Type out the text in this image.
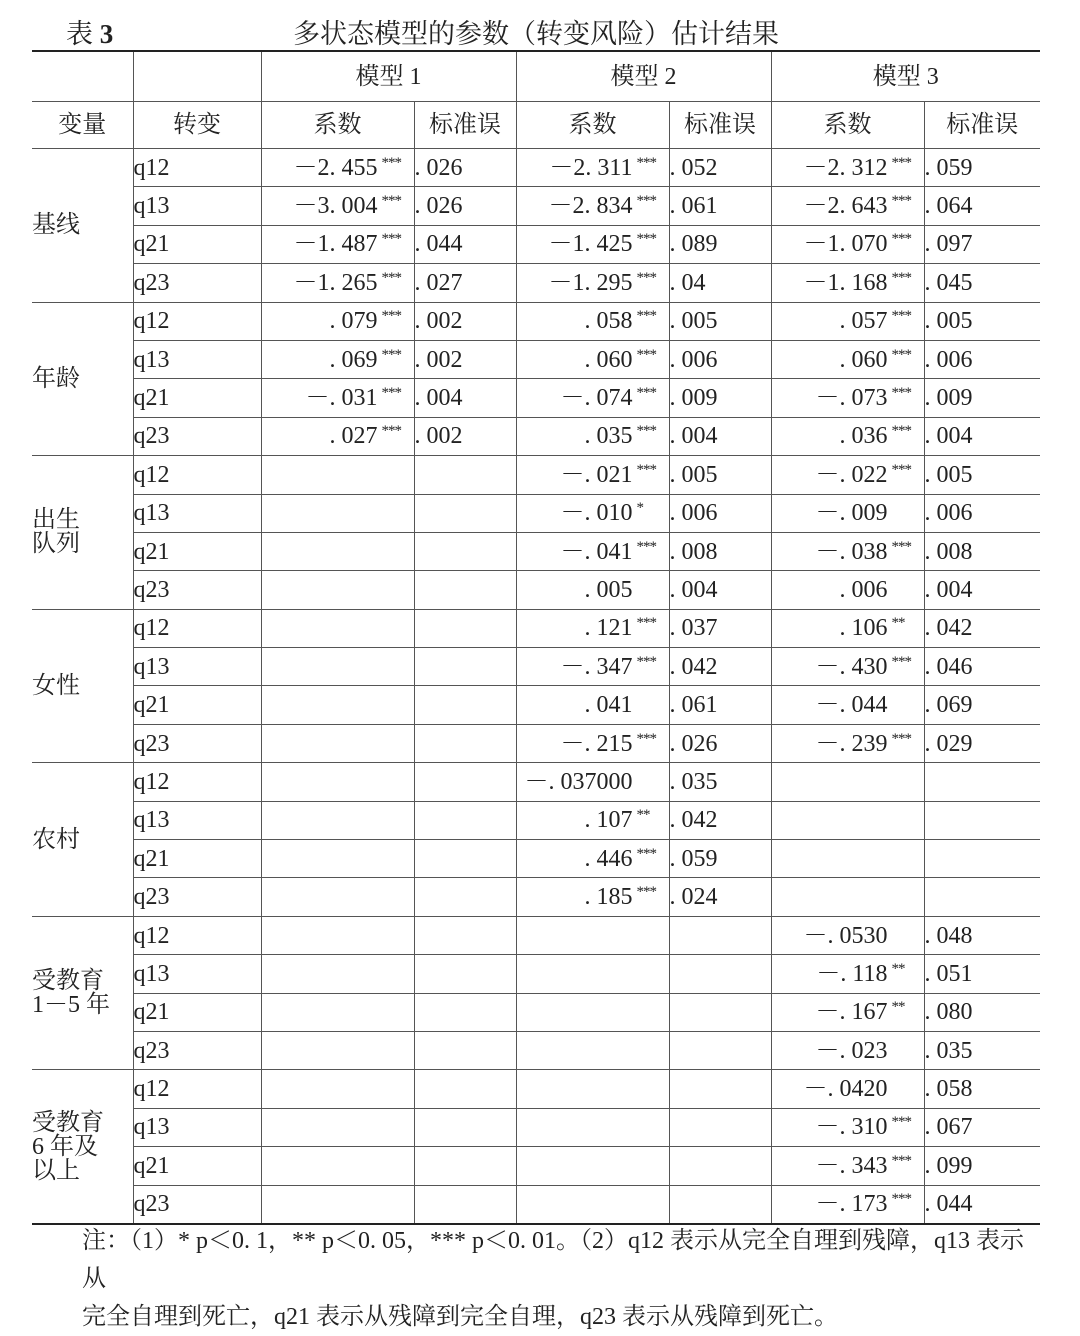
表 3	多状态模型的参数（转变风险）估计结果
		模型 1		模型 2		模型 3	
变量	转变	系数	标准误	系数	标准误	系数	标准误

基线	q12	－2. 455 ***	. 026	－2. 311 ***	. 052	－2. 312 ***	. 059
	q13	－3. 004 ***	. 026	－2. 834 ***	. 061	－2. 643 ***	. 064
	q21	－1. 487 ***	. 044	－1. 425 ***	. 089	－1. 070 ***	. 097
	q23	－1. 265 ***	. 027	－1. 295 ***	. 04	－1. 168 ***	. 045

年龄	q12	. 079 ***	. 002	. 058 ***	. 005	. 057 ***	. 005
	q13	. 069 ***	. 002	. 060 ***	. 006	. 060 ***	. 006
	q21	－. 031 ***	. 004	－. 074 ***	. 009	－. 073 ***	. 009
	q23	. 027 ***	. 002	. 035 ***	. 004	. 036 ***	. 004

出生
队列	q12			－. 021 ***	. 005	－. 022 ***	. 005
	q13			－. 010 *	. 006	－. 009	. 006
	q21			－. 041 ***	. 008	－. 038 ***	. 008
	q23			. 005	. 004	. 006	. 004

女性	q12			. 121 ***	. 037	. 106 **	. 042
	q13			－. 347 ***	. 042	－. 430 ***	. 046
	q21			. 041	. 061	－. 044	. 069
	q23			－. 215 ***	. 026	－. 239 ***	. 029

农村	q12			－. 037000	. 035		
	q13			. 107 **	. 042		
	q21			. 446 ***	. 059		
	q23			. 185 ***	. 024		

受教育
1－5 年	q12					－. 0530	. 048
	q13					－. 118 **	. 051
	q21					－. 167 **	. 080
	q23					－. 023	. 035

受教育
6 年及
以上	q12					－. 0420	. 058
	q13					－. 310 ***	. 067
	q21					－. 343 ***	. 099
	q23					－. 173 ***	. 044
注：（1）* p＜0. 1，** p＜0. 05，*** p＜0. 01。（2）q12 表示从完全自理到残障，q13 表示从
完全自理到死亡，q21 表示从残障到完全自理，q23 表示从残障到死亡。
